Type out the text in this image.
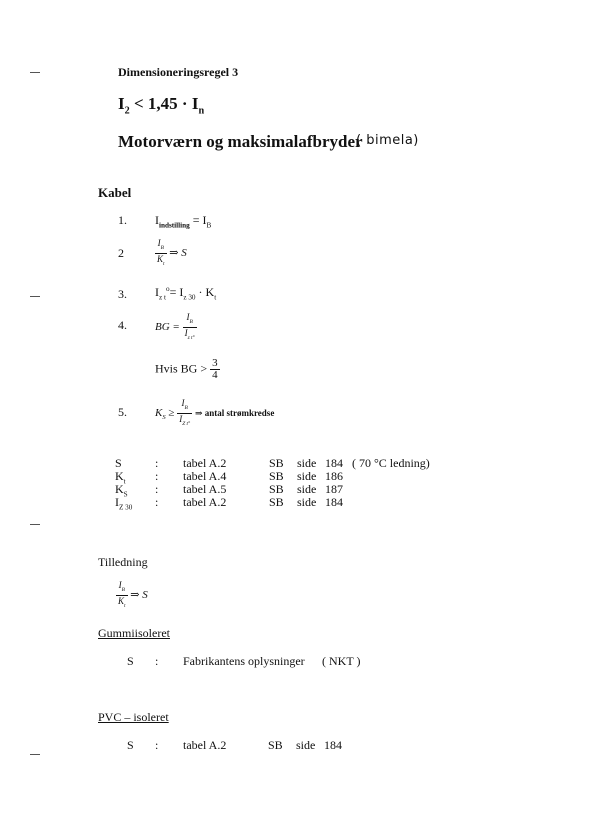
Dimensioneringsregel 3
$I_2 < 1,45 \cdot I_n$
Motorværn og maksimalafbryder
( bimela)
Kabel
1. $I_{indstilling} = I_B$
2	$\frac{I_B}{K_t}$ ⇒ S
3. $I_{z t}^o= I_{z 30} \cdot K_t$
4.	BG = $\frac{I_B}{I_{z t^\circ}}$
Hvis BG > $\frac{3}{4}$
5.	$K_S \ge \frac{I_B}{I_{Z t^\circ}}$ ⇒ antal strømkredse
S	: tabel A.2	SB side 184 ( 70 °C ledning)
$K_t$ : tabel A.4	SB side 186
$K_S$ : tabel A.5	SB side 187
$I_{Z 30}$ : tabel A.2	SB side 184
Tilledning
$\frac{I_B}{K_t}$ ⇒ S
Gummiisoleret
S : Fabrikantens oplysninger ( NKT )
PVC – isoleret
S : tabel A.2	SB side 184
